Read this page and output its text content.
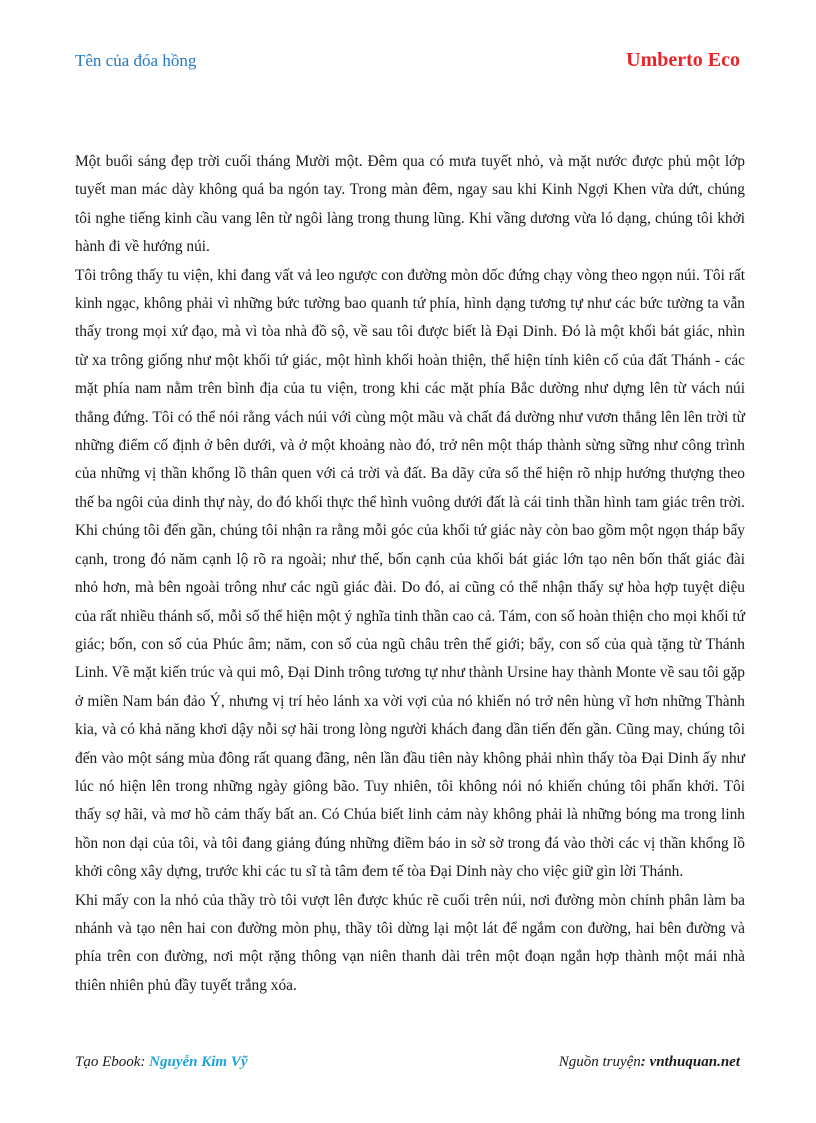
Tên của đóa hồng	Umberto Eco

Một buổi sáng đẹp trời cuối tháng Mười một. Đêm qua có mưa tuyết nhỏ, và mặt nước được phủ một lớp tuyết man mác dày không quá ba ngón tay. Trong màn đêm, ngay sau khi Kinh Ngợi Khen vừa dứt, chúng tôi nghe tiếng kinh cầu vang lên từ ngôi làng trong thung lũng. Khi vầng dương vừa ló dạng, chúng tôi khởi hành đi về hướng núi.

Tôi trông thấy tu viện, khi đang vất vả leo ngược con đường mòn dốc đứng chạy vòng theo ngọn núi. Tôi rất kinh ngạc, không phải vì những bức tường bao quanh tứ phía, hình dạng tương tự như các bức tường ta vẫn thấy trong mọi xứ đạo, mà vì tòa nhà đồ sộ, về sau tôi được biết là Đại Dinh. Đó là một khối bát giác, nhìn từ xa trông giống như một khối tứ giác, một hình khối hoàn thiện, thể hiện tính kiên cố của đất Thánh - các mặt phía nam nằm trên bình địa của tu viện, trong khi các mặt phía Bắc dường như dựng lên từ vách núi thẳng đứng. Tôi có thể nói rằng vách núi với cùng một mầu và chất đá dường như vươn thẳng lên lên trời từ những điểm cố định ở bên dưới, và ở một khoảng nào đó, trở nên một tháp thành sừng sững như công trình của những vị thần khổng lồ thân quen với cả trời và đất. Ba dãy cửa sổ thể hiện rõ nhịp hướng thượng theo thế ba ngôi của dinh thự này, do đó khối thực thể hình vuông dưới đất là cái tinh thần hình tam giác trên trời. Khi chúng tôi đến gần, chúng tôi nhận ra rằng mỗi góc của khối tứ giác này còn bao gồm một ngọn tháp bẩy cạnh, trong đó năm cạnh lộ rõ ra ngoài; như thế, bốn cạnh của khối bát giác lớn tạo nên bốn thất giác đài nhỏ hơn, mà bên ngoài trông như các ngũ giác đài. Do đó, ai cũng có thể nhận thấy sự hòa hợp tuyệt diệu của rất nhiều thánh số, mỗi số thể hiện một ý nghĩa tinh thần cao cả. Tám, con số hoàn thiện cho mọi khối tứ giác; bốn, con số của Phúc âm; năm, con số của ngũ châu trên thế giới; bẩy, con số của quà tặng từ Thánh Linh. Về mặt kiến trúc và qui mô, Đại Dinh trông tương tự như thành Ursine hay thành Monte về sau tôi gặp ở miền Nam bán đảo Ý, nhưng vị trí hẻo lánh xa vời vợi của nó khiến nó trở nên hùng vĩ hơn những Thành kia, và có khả năng khơi dậy nỗi sợ hãi trong lòng người khách đang dần tiến đến gần. Cũng may, chúng tôi đến vào một sáng mùa đông rất quang đãng, nên lần đầu tiên này không phải nhìn thấy tòa Đại Dinh ấy như lúc nó hiện lên trong những ngày giông bão. Tuy nhiên, tôi không nói nó khiến chúng tôi phấn khởi. Tôi thấy sợ hãi, và mơ hồ cảm thấy bất an. Có Chúa biết linh cảm này không phải là những bóng ma trong linh hồn non dại của tôi, và tôi đang giảng đúng những điềm báo in sờ sờ trong đá vào thời các vị thần khổng lồ khởi công xây dựng, trước khi các tu sĩ tà tâm đem tế tòa Đại Dinh này cho việc giữ gìn lời Thánh.

Khi mấy con la nhỏ của thầy trò tôi vượt lên được khúc rẽ cuối trên núi, nơi đường mòn chính phân làm ba nhánh và tạo nên hai con đường mòn phụ, thầy tôi dừng lại một lát để ngắm con đường, hai bên đường và phía trên con đường, nơi một rặng thông vạn niên thanh dài trên một đoạn ngắn hợp thành một mái nhà thiên nhiên phủ đầy tuyết trắng xóa.

Tạo Ebook: Nguyễn Kim Vỹ	Nguồn truyện: vnthuquan.net
